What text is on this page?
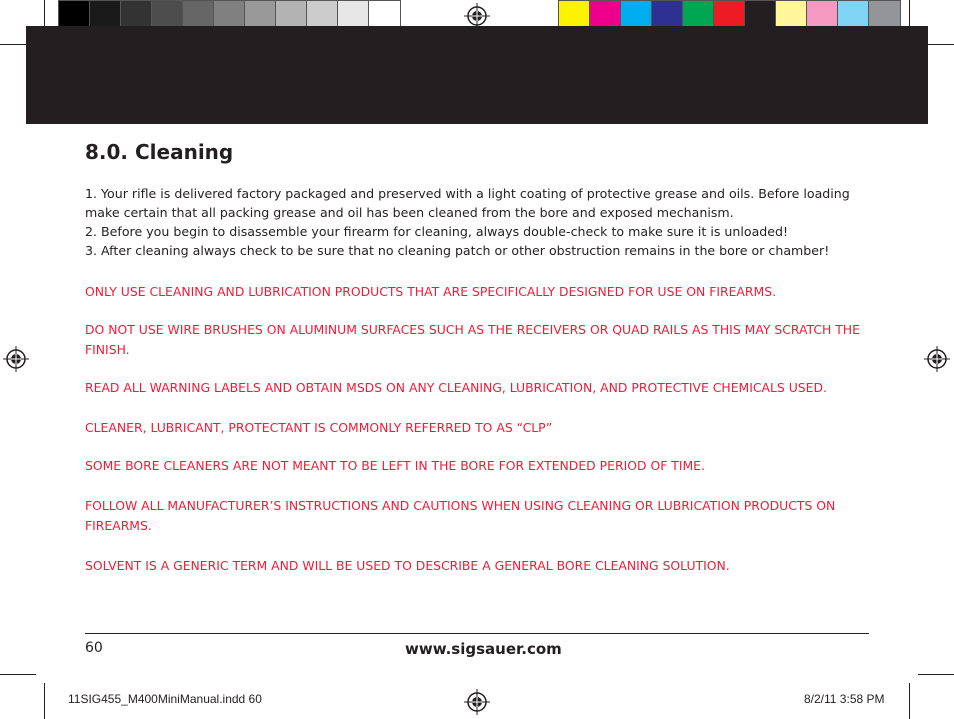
8.0. Cleaning

1. Your rifle is delivered factory packaged and preserved with a light coating of protective grease and oils. Before loading make certain that all packing grease and oil has been cleaned from the bore and exposed mechanism.

2. Before you begin to disassemble your firearm for cleaning, always double-check to make sure it is unloaded!

3. After cleaning always check to be sure that no cleaning patch or other obstruction remains in the bore or chamber!

ONLY USE CLEANING AND LUBRICATION PRODUCTS THAT ARE SPECIFICALLY DESIGNED FOR USE ON FIREARMS.
DO NOT USE WIRE BRUSHES ON ALUMINUM SURFACES SUCH AS THE RECEIVERS OR QUAD RAILS AS THIS MAY SCRATCH THE FINISH.
READ ALL WARNING LABELS AND OBTAIN MSDS ON ANY CLEANING, LUBRICATION, AND PROTECTIVE CHEMICALS USED.
CLEANER, LUBRICANT, PROTECTANT IS COMMONLY REFERRED TO AS “CLP”
SOME BORE CLEANERS ARE NOT MEANT TO BE LEFT IN THE BORE FOR EXTENDED PERIOD OF TIME.
FOLLOW ALL MANUFACTURER’S INSTRUCTIONS AND CAUTIONS WHEN USING CLEANING OR LUBRICATION PRODUCTS ON FIREARMS.
SOLVENT IS A GENERIC TERM AND WILL BE USED TO DESCRIBE A GENERAL BORE CLEANING SOLUTION.
60	www.sigsauer.com
11SIG455_M400MiniManual.indd 60	8/2/11 3:58 PM
